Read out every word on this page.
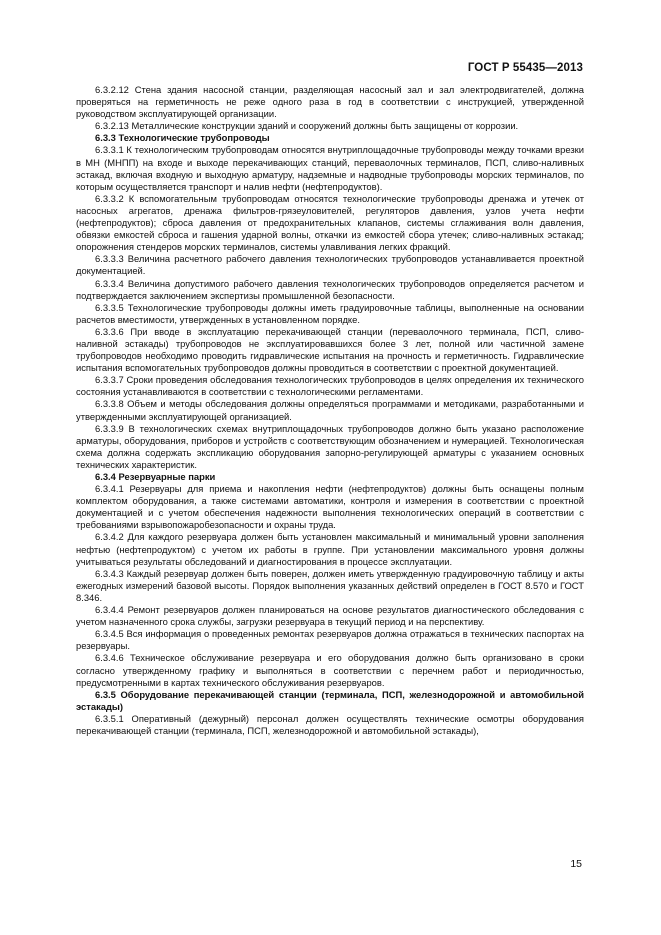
ГОСТ Р 55435—2013

6.3.2.12 Стена здания насосной станции, разделяющая насосный зал и зал электродвигателей, должна проверяться на герметичность не реже одного раза в год в соответствии с инструкцией, утвержденной руководством эксплуатирующей организации.

6.3.2.13 Металлические конструкции зданий и сооружений должны быть защищены от коррозии.

6.3.3 Технологические трубопроводы

6.3.3.1 К технологическим трубопроводам относятся внутриплощадочные трубопроводы между точками врезки в МН (МНПП) на входе и выходе перекачивающих станций, переваолочных терминалов, ПСП, сливо-наливных эстакад, включая входную и выходную арматуру, надземные и надводные трубопроводы морских терминалов, по которым осуществляется транспорт и налив нефти (нефтепродуктов).

6.3.3.2 К вспомогательным трубопроводам относятся технологические трубопроводы дренажа и утечек от насосных агрегатов, дренажа фильтров-грязеуловителей, регуляторов давления, узлов учета нефти (нефтепродуктов); сброса давления от предохранительных клапанов, системы сглаживания волн давления, обвязки емкостей сброса и гашения ударной волны, откачки из емкостей сбора утечек; сливо-наливных эстакад; опорожнения стендеров морских терминалов, системы улавливания легких фракций.

6.3.3.3 Величина расчетного рабочего давления технологических трубопроводов устанавливается проектной документацией.

6.3.3.4 Величина допустимого рабочего давления технологических трубопроводов определяется расчетом и подтверждается заключением экспертизы промышленной безопасности.

6.3.3.5 Технологические трубопроводы должны иметь градуировочные таблицы, выполненные на основании расчетов вместимости, утвержденных в установленном порядке.

6.3.3.6 При вводе в эксплуатацию перекачивающей станции (переваолочного терминала, ПСП, сливо-наливной эстакады) трубопроводов не эксплуатировавшихся более 3 лет, полной или частичной замене трубопроводов необходимо проводить гидравлические испытания на прочность и герметичность. Гидравлические испытания вспомогательных трубопроводов должны проводиться в соответствии с проектной документацией.

6.3.3.7 Сроки проведения обследования технологических трубопроводов в целях определения их технического состояния устанавливаются в соответствии с технологическими регламентами.

6.3.3.8 Объем и методы обследования должны определяться программами и методиками, разработанными и утвержденными эксплуатирующей организацией.

6.3.3.9 В технологических схемах внутриплощадочных трубопроводов должно быть указано расположение арматуры, оборудования, приборов и устройств с соответствующим обозначением и нумерацией. Технологическая схема должна содержать экспликацию оборудования запорно-регулирующей арматуры с указанием основных технических характеристик.

6.3.4 Резервуарные парки

6.3.4.1 Резервуары для приема и накопления нефти (нефтепродуктов) должны быть оснащены полным комплектом оборудования, а также системами автоматики, контроля и измерения в соответствии с проектной документацией и с учетом обеспечения надежности выполнения технологических операций в соответствии с требованиями взрывопожаробезопасности и охраны труда.

6.3.4.2 Для каждого резервуара должен быть установлен максимальный и минимальный уровни заполнения нефтью (нефтепродуктом) с учетом их работы в группе. При установлении максимального уровня должны учитываться результаты обследований и диагностирования в процессе эксплуатации.

6.3.4.3 Каждый резервуар должен быть поверен, должен иметь утвержденную градуировочную таблицу и акты ежегодных измерений базовой высоты. Порядок выполнения указанных действий определен в ГОСТ 8.570 и ГОСТ 8.346.

6.3.4.4 Ремонт резервуаров должен планироваться на основе результатов диагностического обследования с учетом назначенного срока службы, загрузки резервуара в текущий период и на перспективу.

6.3.4.5 Вся информация о проведенных ремонтах резервуаров должна отражаться в технических паспортах на резервуары.

6.3.4.6 Техническое обслуживание резервуара и его оборудования должно быть организовано в сроки согласно утвержденному графику и выполняться в соответствии с перечнем работ и периодичностью, предусмотренными в картах технического обслуживания резервуаров.

6.3.5 Оборудование перекачивающей станции (терминала, ПСП, железнодорожной и автомобильной эстакады)

6.3.5.1 Оперативный (дежурный) персонал должен осуществлять технические осмотры оборудования перекачивающей станции (терминала, ПСП, железнодорожной и автомобильной эстакады),

15
